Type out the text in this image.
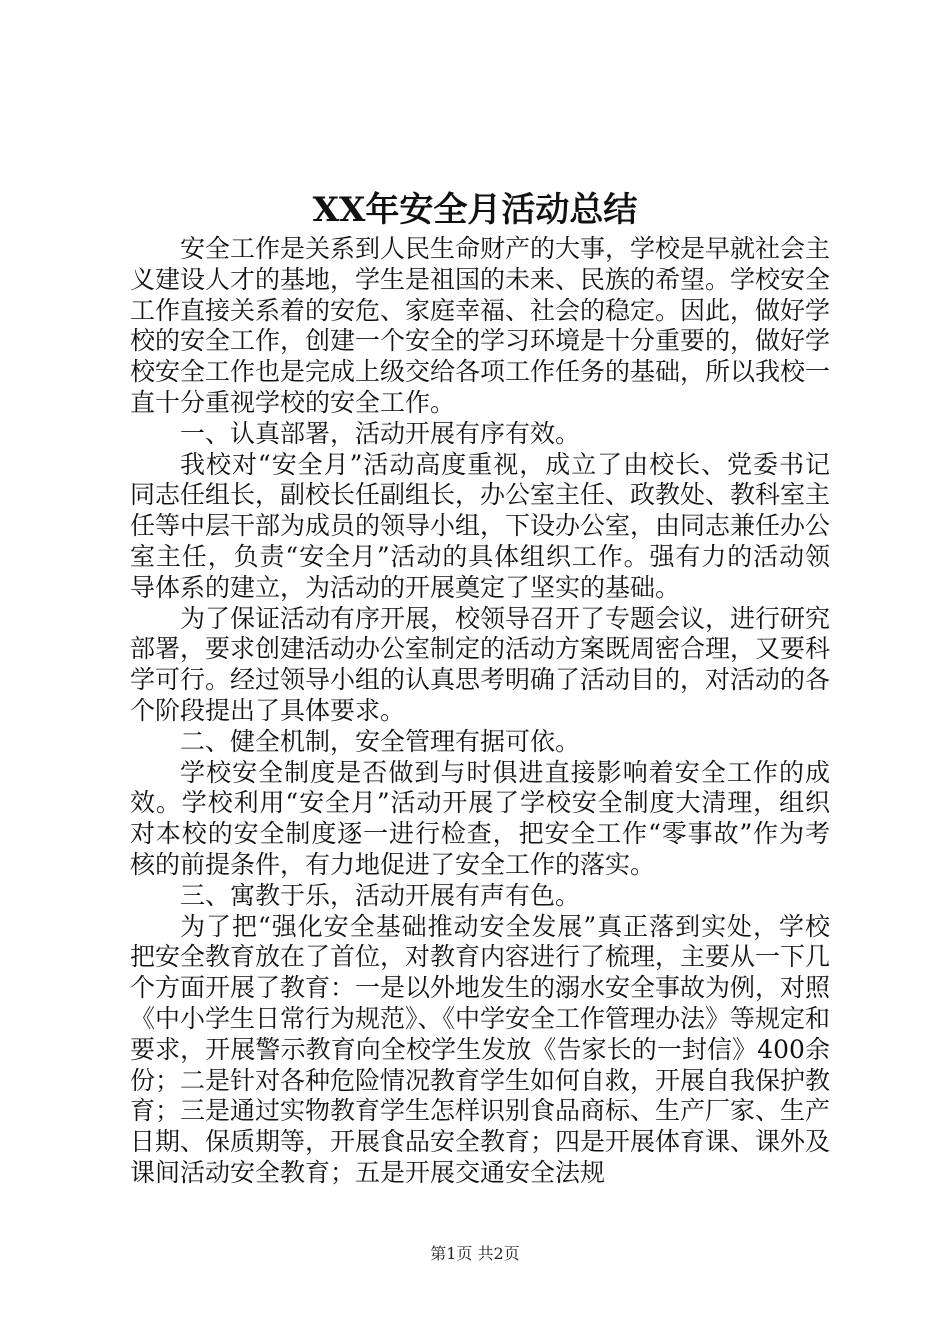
XX年安全月活动总结

安全工作是关系到人民生命财产的大事，学校是早就社会主义建设人才的基地，学生是祖国的未来、民族的希望。学校安全工作直接关系着的安危、家庭幸福、社会的稳定。因此，做好学校的安全工作，创建一个安全的学习环境是十分重要的，做好学校安全工作也是完成上级交给各项工作任务的基础，所以我校一直十分重视学校的安全工作。

一、认真部署，活动开展有序有效。

我校对“安全月”活动高度重视，成立了由校长、党委书记同志任组长，副校长任副组长，办公室主任、政教处、教科室主任等中层干部为成员的领导小组，下设办公室，由同志兼任办公室主任，负责“安全月”活动的具体组织工作。强有力的活动领导体系的建立，为活动的开展奠定了坚实的基础。

为了保证活动有序开展，校领导召开了专题会议，进行研究部署，要求创建活动办公室制定的活动方案既周密合理，又要科学可行。经过领导小组的认真思考明确了活动目的，对活动的各个阶段提出了具体要求。

二、健全机制，安全管理有据可依。

学校安全制度是否做到与时俱进直接影响着安全工作的成效。学校利用“安全月”活动开展了学校安全制度大清理，组织对本校的安全制度逐一进行检查，把安全工作“零事故”作为考核的前提条件，有力地促进了安全工作的落实。

三、寓教于乐，活动开展有声有色。

为了把“强化安全基础推动安全发展”真正落到实处，学校把安全教育放在了首位，对教育内容进行了梳理，主要从一下几个方面开展了教育：一是以外地发生的溺水安全事故为例，对照《中小学生日常行为规范》、《中学安全工作管理办法》等规定和要求，开展警示教育向全校学生发放《告家长的一封信》400余份；二是针对各种危险情况教育学生如何自救，开展自我保护教育；三是通过实物教育学生怎样识别食品商标、生产厂家、生产日期、保质期等，开展食品安全教育；四是开展体育课、课外及课间活动安全教育；五是开展交通安全法规

第1页 共2页
